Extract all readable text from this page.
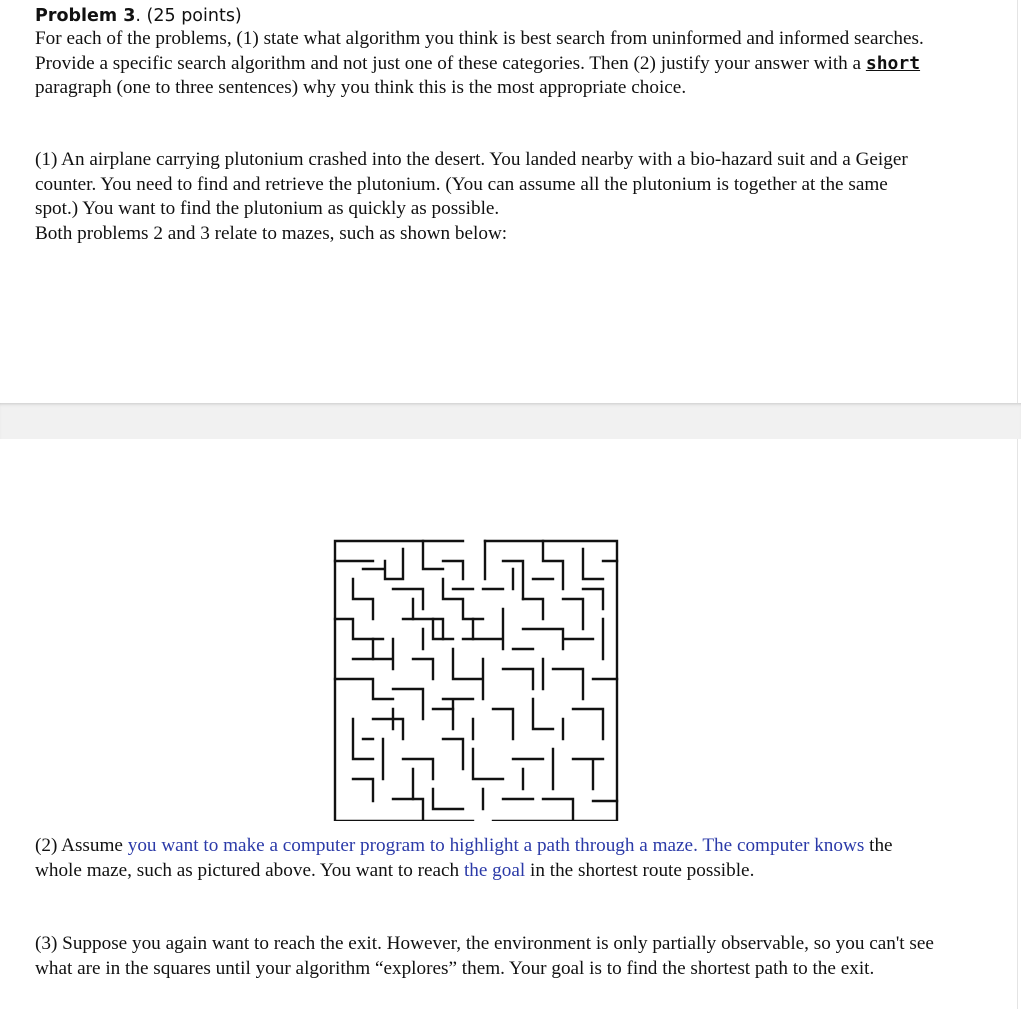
Problem 3. (25 points)
For each of the problems, (1) state what algorithm you think is best search from uninformed and informed searches. Provide a specific search algorithm and not just one of these categories. Then (2) justify your answer with a short paragraph (one to three sentences) why you think this is the most appropriate choice.
(1) An airplane carrying plutonium crashed into the desert. You landed nearby with a bio-hazard suit and a Geiger counter. You need to find and retrieve the plutonium. (You can assume all the plutonium is together at the same spot.) You want to find the plutonium as quickly as possible.
Both problems 2 and 3 relate to mazes, such as shown below:
(2) Assume you want to make a computer program to highlight a path through a maze. The computer knows the whole maze, such as pictured above. You want to reach the goal in the shortest route possible.
(3) Suppose you again want to reach the exit. However, the environment is only partially observable, so you can't see what are in the squares until your algorithm “explores” them. Your goal is to find the shortest path to the exit.
